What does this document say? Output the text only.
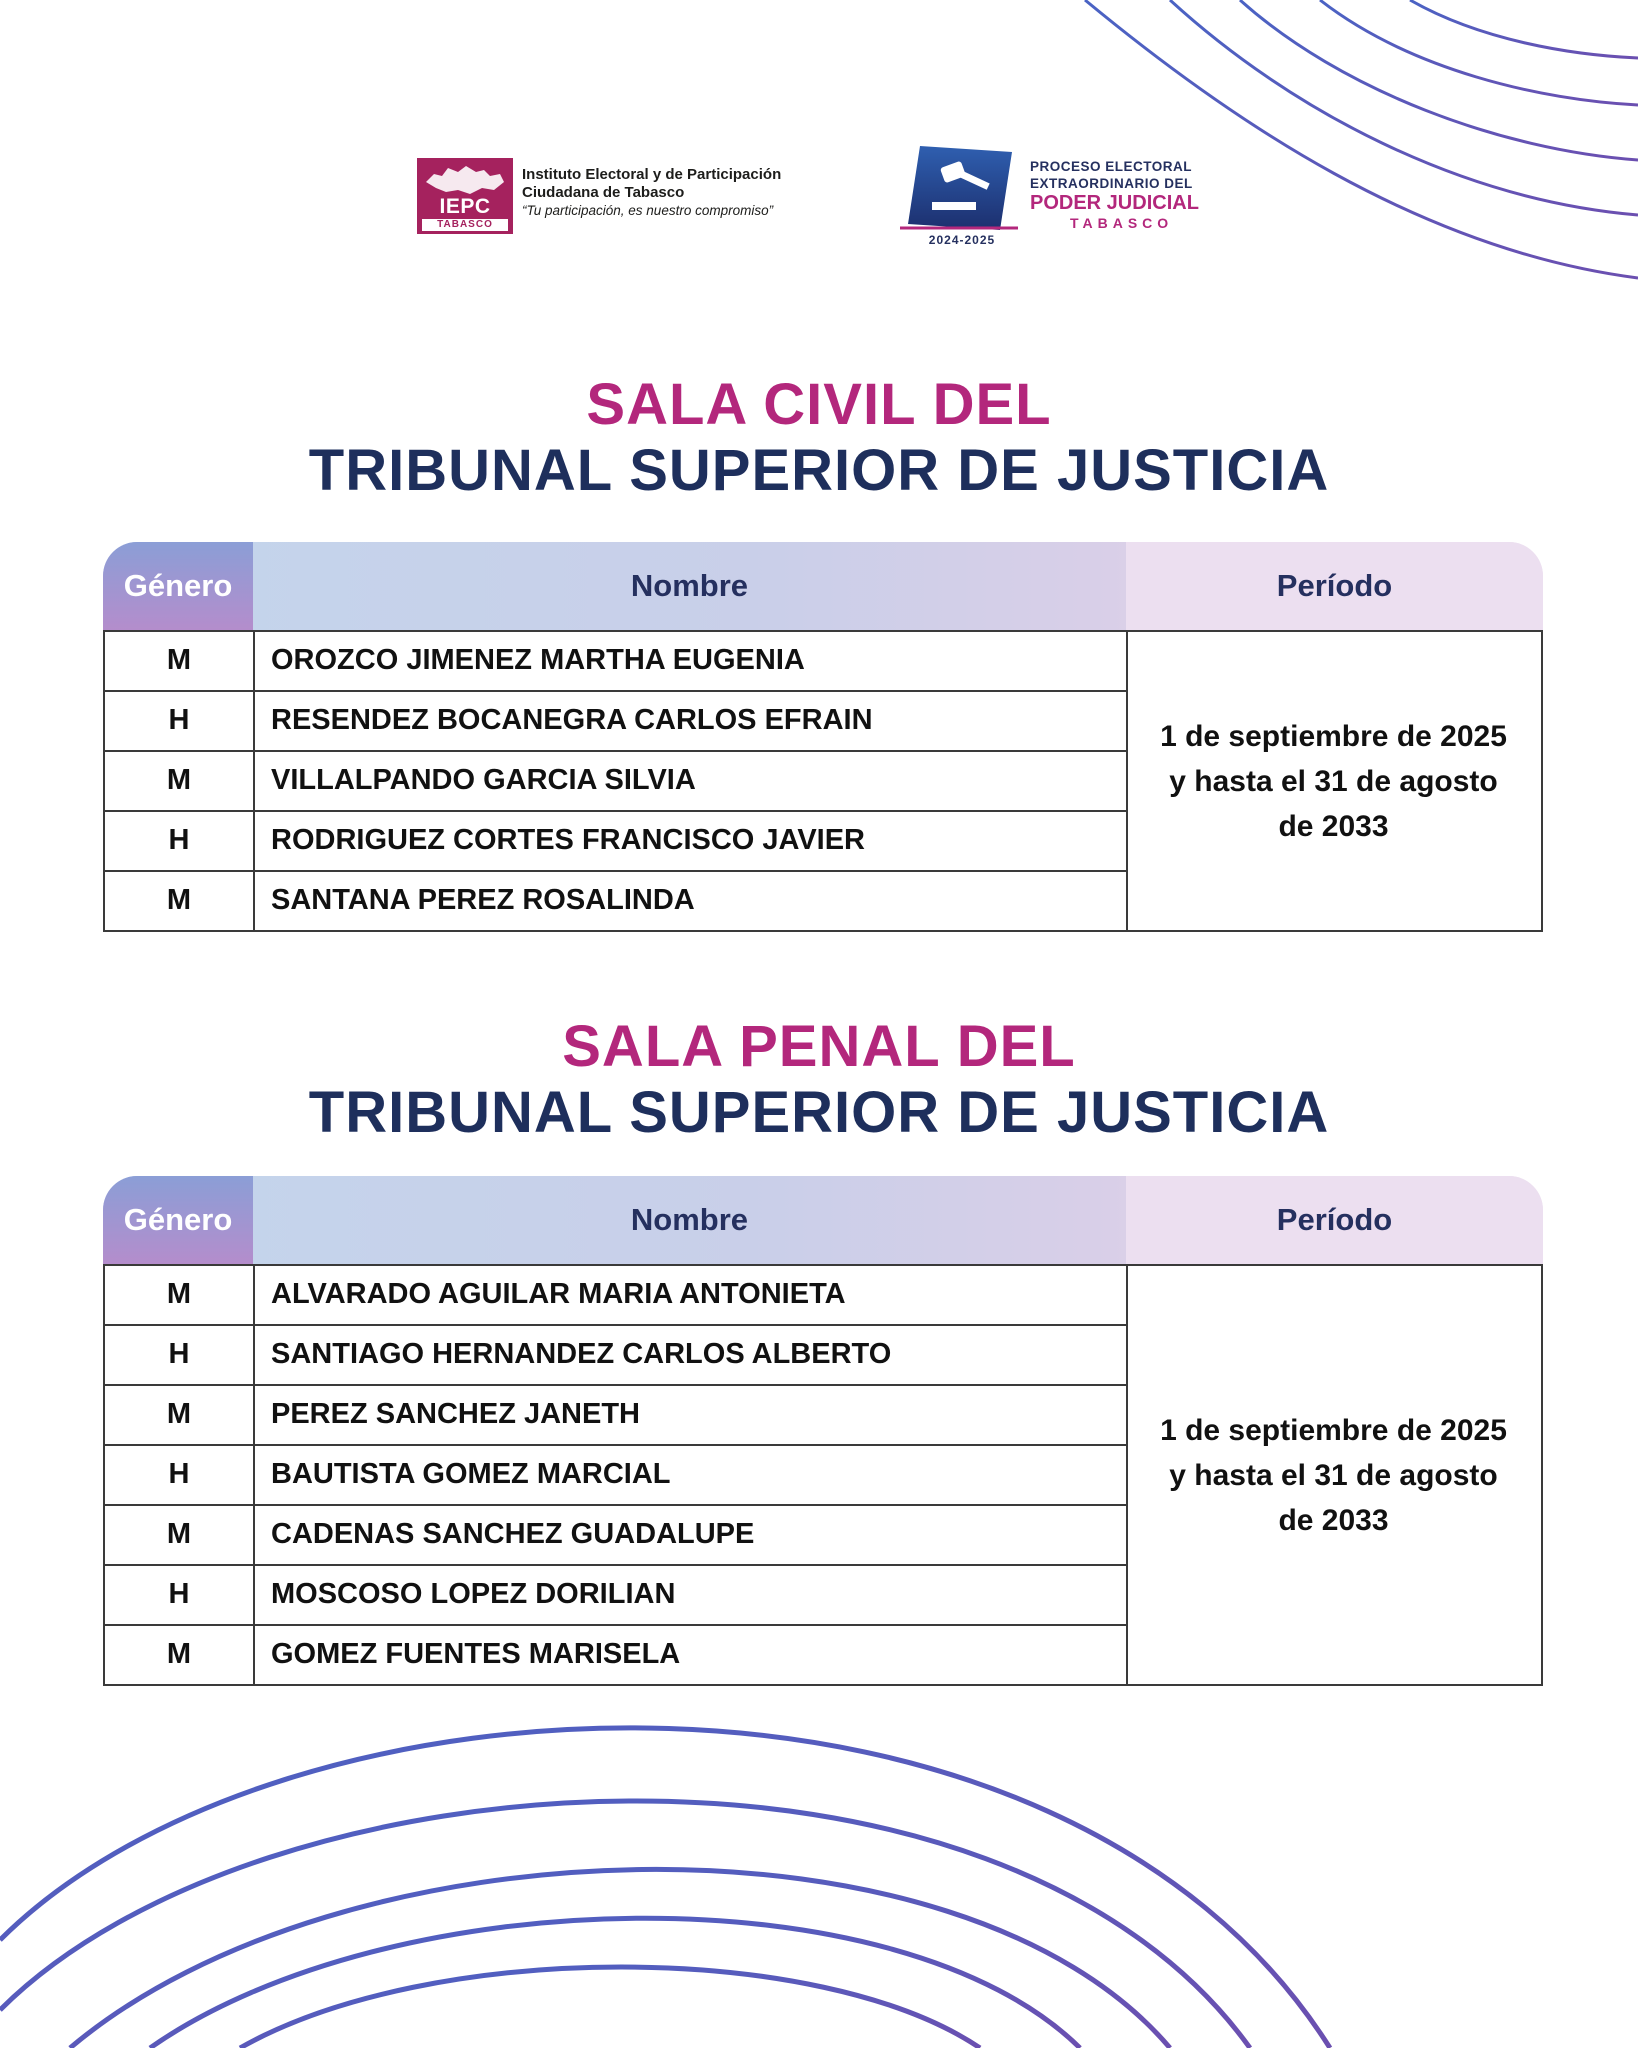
IEPC
TABASCO
Instituto Electoral y de Participación
Ciudadana de Tabasco
“Tu participación, es nuestro compromiso”
2024-2025
PROCESO ELECTORAL
EXTRAORDINARIO DEL
PODER JUDICIAL
TABASCO
SALA CIVIL DEL
TRIBUNAL SUPERIOR DE JUSTICIA
Género	Nombre	Período
M	OROZCO JIMENEZ MARTHA EUGENIA
H	RESENDEZ BOCANEGRA CARLOS EFRAIN
M	VILLALPANDO GARCIA SILVIA
H	RODRIGUEZ CORTES FRANCISCO JAVIER
M	SANTANA PEREZ ROSALINDA
1 de septiembre de 2025
y hasta el 31 de agosto
de 2033
SALA PENAL DEL
TRIBUNAL SUPERIOR DE JUSTICIA
Género	Nombre	Período
M	ALVARADO AGUILAR MARIA ANTONIETA
H	SANTIAGO HERNANDEZ CARLOS ALBERTO
M	PEREZ SANCHEZ JANETH
H	BAUTISTA GOMEZ MARCIAL
M	CADENAS SANCHEZ GUADALUPE
H	MOSCOSO LOPEZ DORILIAN
M	GOMEZ FUENTES MARISELA
1 de septiembre de 2025
y hasta el 31 de agosto
de 2033
